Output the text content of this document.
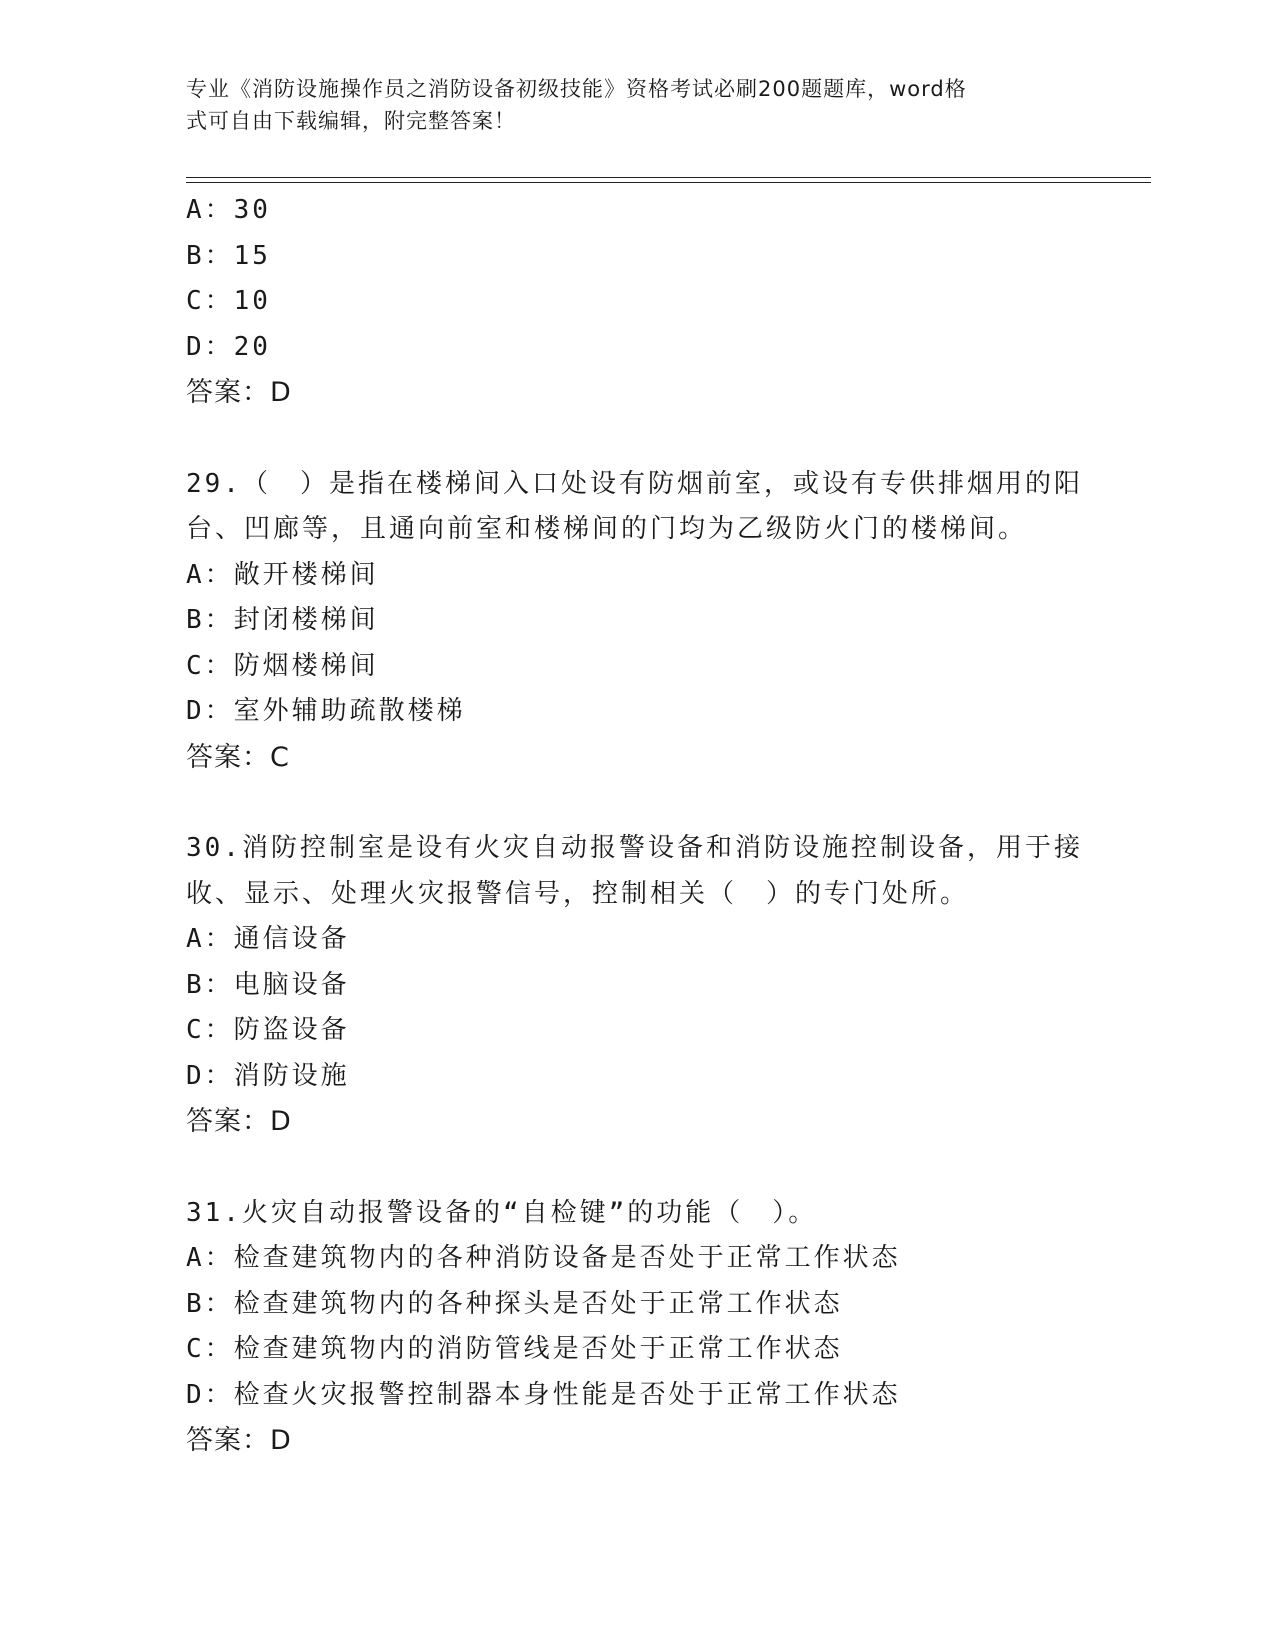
专业《消防设施操作员之消防设备初级技能》资格考试必刷200题题库，word格
式可自由下载编辑，附完整答案！
A：30
B：15
C：10
D：20
答案：D
29.（　）是指在楼梯间入口处设有防烟前室，或设有专供排烟用的阳
台、凹廊等，且通向前室和楼梯间的门均为乙级防火门的楼梯间。
A：敞开楼梯间
B：封闭楼梯间
C：防烟楼梯间
D：室外辅助疏散楼梯
答案：C
30.消防控制室是设有火灾自动报警设备和消防设施控制设备，用于接
收、显示、处理火灾报警信号，控制相关（　）的专门处所。
A：通信设备
B：电脑设备
C：防盗设备
D：消防设施
答案：D
31.火灾自动报警设备的“自检键”的功能（　）。
A：检查建筑物内的各种消防设备是否处于正常工作状态
B：检查建筑物内的各种探头是否处于正常工作状态
C：检查建筑物内的消防管线是否处于正常工作状态
D：检查火灾报警控制器本身性能是否处于正常工作状态
答案：D
